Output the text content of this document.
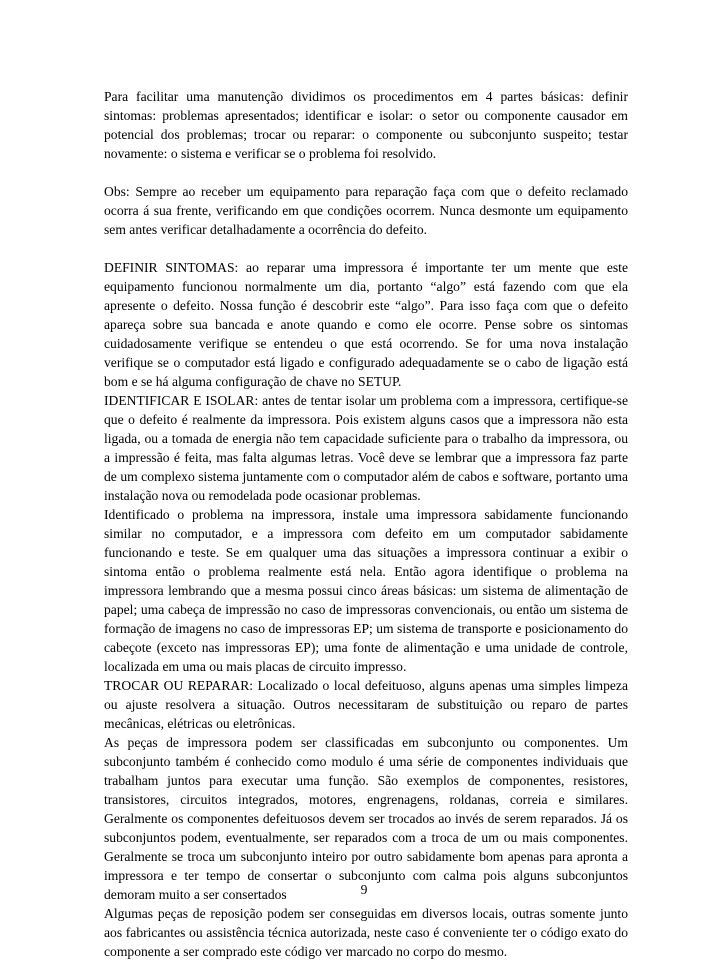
Para facilitar uma manutenção dividimos os procedimentos em 4 partes básicas: definir sintomas: problemas apresentados; identificar e isolar: o setor ou componente causador em potencial dos problemas; trocar ou reparar: o componente ou subconjunto suspeito; testar novamente: o sistema e verificar se o problema foi resolvido.

Obs: Sempre ao receber um equipamento para reparação faça com que o defeito reclamado ocorra á sua frente, verificando em que condições ocorrem. Nunca desmonte um equipamento sem antes verificar detalhadamente a ocorrência do defeito.

DEFINIR SINTOMAS: ao reparar uma impressora é importante ter um mente que este equipamento funcionou normalmente um dia, portanto “algo” está fazendo com que ela apresente o defeito. Nossa função é descobrir este “algo”. Para isso faça com que o defeito apareça sobre sua bancada e anote quando e como ele ocorre. Pense sobre os sintomas cuidadosamente verifique se entendeu o que está ocorrendo. Se for uma nova instalação verifique se o computador está ligado e configurado adequadamente se o cabo de ligação está bom e se há alguma configuração de chave no SETUP.

IDENTIFICAR E ISOLAR: antes de tentar isolar um problema com a impressora, certifique-se que o defeito é realmente da impressora. Pois existem alguns casos que a impressora não esta ligada, ou a tomada de energia não tem capacidade suficiente para o trabalho da impressora, ou a impressão é feita, mas falta algumas letras. Você deve se lembrar que a impressora faz parte de um complexo sistema juntamente com o computador além de cabos e software, portanto uma instalação nova ou remodelada pode ocasionar problemas.

Identificado o problema na impressora, instale uma impressora sabidamente funcionando similar no computador, e a impressora com defeito em um computador sabidamente funcionando e teste. Se em qualquer uma das situações a impressora continuar a exibir o sintoma então o problema realmente está nela. Então agora identifique o problema na impressora lembrando que a mesma possui cinco áreas básicas: um sistema de alimentação de papel; uma cabeça de impressão no caso de impressoras convencionais, ou então um sistema de formação de imagens no caso de impressoras EP; um sistema de transporte e posicionamento do cabeçote (exceto nas impressoras EP); uma fonte de alimentação e uma unidade de controle, localizada em uma ou mais placas de circuito impresso.

TROCAR OU REPARAR: Localizado o local defeituoso, alguns apenas uma simples limpeza ou ajuste resolvera a situação. Outros necessitaram de substituição ou reparo de partes mecânicas, elétricas ou eletrônicas.

As peças de impressora podem ser classificadas em subconjunto ou componentes. Um subconjunto também é conhecido como modulo é uma série de componentes individuais que trabalham juntos para executar uma função. São exemplos de componentes, resistores, transistores, circuitos integrados, motores, engrenagens, roldanas, correia e similares. Geralmente os componentes defeituosos devem ser trocados ao invés de serem reparados. Já os subconjuntos podem, eventualmente, ser reparados com a troca de um ou mais componentes. Geralmente se troca um subconjunto inteiro por outro sabidamente bom apenas para apronta a impressora e ter tempo de consertar o subconjunto com calma pois alguns subconjuntos demoram muito a ser consertados

Algumas peças de reposição podem ser conseguidas em diversos locais, outras somente junto aos fabricantes ou assistência técnica autorizada, neste caso é conveniente ter o código exato do componente a ser comprado este código ver marcado no corpo do mesmo.

9
